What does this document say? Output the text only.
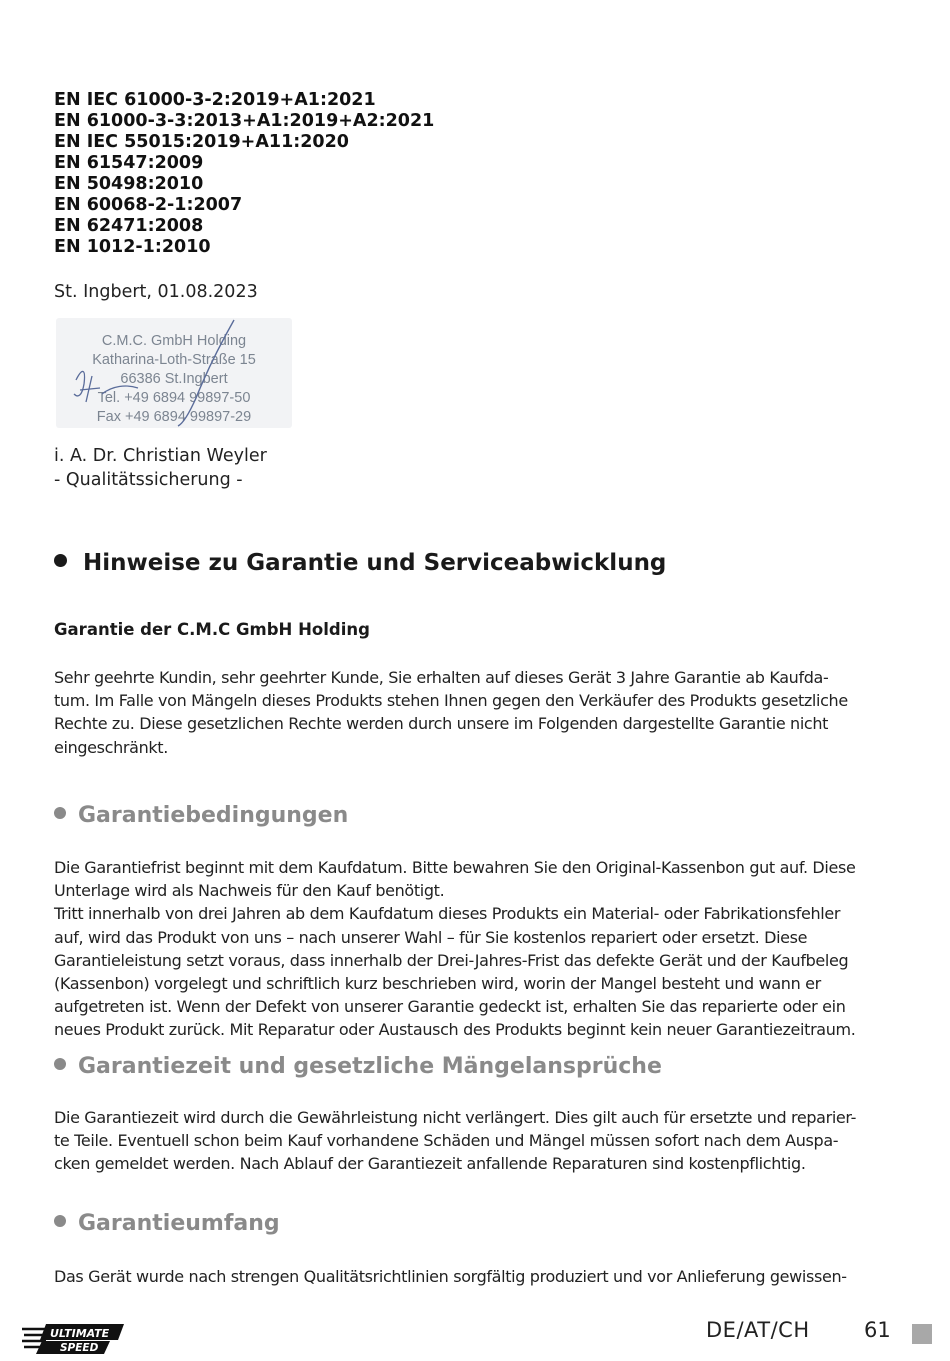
EN IEC 61000-3-2:2019+A1:2021
EN 61000-3-3:2013+A1:2019+A2:2021
EN IEC 55015:2019+A11:2020
EN 61547:2009
EN 50498:2010
EN 60068-2-1:2007
EN 62471:2008
EN 1012-1:2010
St. Ingbert, 01.08.2023
C.M.C. GmbH Holding
Katharina-Loth-Straße 15
66386 St.Ingbert
Tel. +49 6894 99897-50
Fax +49 6894 99897-29
i. A. Dr. Christian Weyler
- Qualitätssicherung -
Hinweise zu Garantie und Serviceabwicklung
Garantie der C.M.C GmbH Holding

Sehr geehrte Kundin, sehr geehrter Kunde, Sie erhalten auf dieses Gerät 3 Jahre Garantie ab Kaufda-
tum. Im Falle von Mängeln dieses Produkts stehen Ihnen gegen den Verkäufer des Produkts gesetzliche
Rechte zu. Diese gesetzlichen Rechte werden durch unsere im Folgenden dargestellte Garantie nicht
eingeschränkt.

Garantiebedingungen

Die Garantiefrist beginnt mit dem Kaufdatum. Bitte bewahren Sie den Original-Kassenbon gut auf. Diese
Unterlage wird als Nachweis für den Kauf benötigt.
Tritt innerhalb von drei Jahren ab dem Kaufdatum dieses Produkts ein Material- oder Fabrikationsfehler
auf, wird das Produkt von uns – nach unserer Wahl – für Sie kostenlos repariert oder ersetzt. Diese
Garantieleistung setzt voraus, dass innerhalb der Drei-Jahres-Frist das defekte Gerät und der Kaufbeleg
(Kassenbon) vorgelegt und schriftlich kurz beschrieben wird, worin der Mangel besteht und wann er
aufgetreten ist. Wenn der Defekt von unserer Garantie gedeckt ist, erhalten Sie das reparierte oder ein
neues Produkt zurück. Mit Reparatur oder Austausch des Produkts beginnt kein neuer Garantiezeitraum.

Garantiezeit und gesetzliche Mängelansprüche

Die Garantiezeit wird durch die Gewährleistung nicht verlängert. Dies gilt auch für ersetzte und reparier-
te Teile. Eventuell schon beim Kauf vorhandene Schäden und Mängel müssen sofort nach dem Auspa-
cken gemeldet werden. Nach Ablauf der Garantiezeit anfallende Reparaturen sind kostenpflichtig.

Garantieumfang

Das Gerät wurde nach strengen Qualitätsrichtlinien sorgfältig produziert und vor Anlieferung gewissen-

ULTIMATE
SPEED
DE/AT/CH	61
